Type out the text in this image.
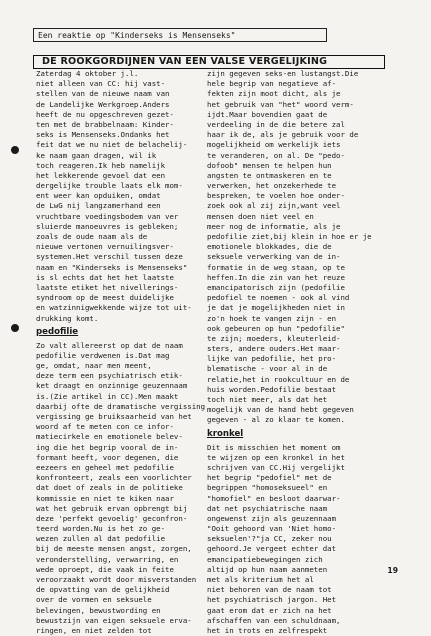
Een reaktie op "Kinderseks is Mensenseks"
DE ROOKGORDIJNEN VAN EEN VALSE VERGELIJKING
Zaterdag 4 oktober j.l.
niet alleen van CC: hij vast-
stellen van de nieuwe naam van
de Landelijke Werkgroep.Anders
heeft de nu opgeschreven gezet-
ten met de brabbelnaam: Kinder-
seks is Mensenseks.Ondanks het
feit dat we nu niet de belachelij-
ke naam gaan dragen, wil ik
toch reageren.Ik heb namelijk
het lekkerende gevoel dat een
dergelijke trouble laats elk mom-
ent weer kan opduiken, omdat
de LwG nij langzamerhand een
vruchtbare voedingsbodem van ver
sluierde manoeuvres is gebleken;
zoals de oude naam als de
nieuwe vertonen vernuilingsver-
systemen.Het verschil tussen deze
naam en "Kinderseks is Mensenseks"
is sl echts dat het het laatste
laatste etiket het nivellerings-
syndroom op de meest duidelijke
en watzinnigwekkende wijze tot uit-
drukking komt.
pedofilie
Zo valt allereerst op dat de naam
pedofilie verdwenen is.Dat mag
ge, omdat, naar men meent,
deze term een psychiatrisch etik-
ket draagt en onzinnige geuzennaam
is.(Zie artikel in CC).Men maakt
daarbij ofte de dramatische vergissing
vergissing ge bruiksaarheid van het
woord af te meten con ce infor-
matiecirkele en emotionele belev-
ing die het begrip vooral de in-
formant heeft, voor degenen, die
eezeers en geheel met pedofilie
konfronteert, zeals een voorlichter
dat doet of zeals in de politieke
kommissie en niet te kiken naar
wat het gebruik ervan opbrengt bij
deze 'perfekt gevoelig' geconfron-
teerd worden.Nu is het zo ge-
wezen zullen al dat pedofilie
bij de meeste mensen angst, zorgen,
veronderstelling, verwarring, en
wede oproept, die vaak in feite
veroorzaakt wordt door misverstanden
de opvatting van de gelijkheid
over de vormen en seksuele
belevingen, bewustwording en
bewustzijn van eigen seksuele erva-
ringen, en niet zelden tot
zijn gegeven seks-en lustangst.Die
hele begrip van negatieve af-
fekten zijn moot dicht, als je
het gebruik van "het" woord verm-
ijdt.Maar bovendien gaat de
verdeeling in de die betere zal
haar ik de, als je gebruik voor de
mogelijkheid om werkelijk iets
te veranderen, on al. De "pedo-
dofoob" mensen te helpen hun
angsten te ontmaskeren en te
verwerken, het onzekerhede te
bespreken, te voelen hoe onder-
zoek ook al zij zijn,want veel
mensen doen niet veel en
meer nog de informatie, als je
pedofilie ziet,bij klein in hoe er je
emotionele blokkades, die de
seksuele verwerking van de in-
formatie in de weg staan, op te
heffen.In die zin van het reuze
emancipatorisch zijn (pedofilie
pedofiel te noemen - ook al vind
je dat je mogelijkheden niet in
zo'n hoek te vangen zijn - en
ook gebeuren op hun "pedofilie"
te zijn; moeders, kleuterleid-
sters, andere ouders.Het maar-
lijke van pedofilie, het pro-
blematische - voor al in de
relatie,het in rookcultuur en de
huis worden.Pedofilie bestaat
toch niet meer, als dat het
mogelijk van de hand hebt gegeven
gegeven - al zo klaar te komen.
kronkel
Dit is misschien het moment om
te wijzen op een kronkel in het
schrijven van CC.Hij vergelijkt
het begrip "pedofiel" met de
begrippen "homoseksueel" en
"homofiel" en besloot daarwar-
dat net psychiatrische naam
ongewenst zijn als geuzennaam
"Ooit gehoord van 'Niet homo-
seksuelen'?"ja CC, zeker nou
gehoord.Je vergeet echter dat
emancipatiebewegingen zich
altijd op hun naam aanmeten
met als kriterium het al
niet behoren van de naam tot
het psychiatrisch jargon. Het
gaat erom dat er zich na het
afschaffen van een schuldnaam,
het in trots en zelfrespekt
19
